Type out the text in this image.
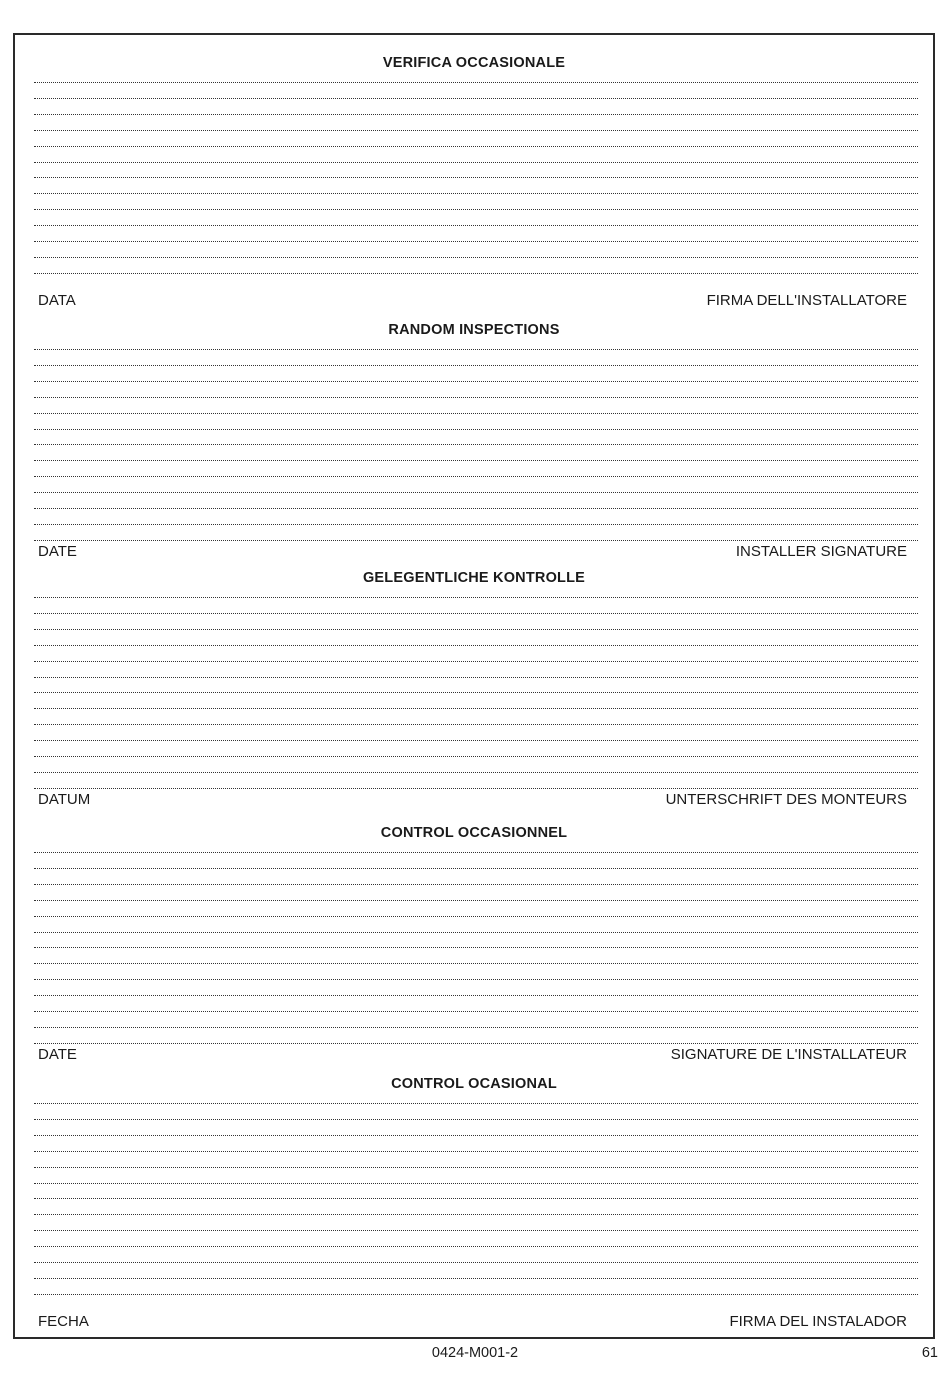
VERIFICA OCCASIONALE
DATA	FIRMA DELL'INSTALLATORE
RANDOM INSPECTIONS
DATE	INSTALLER SIGNATURE
GELEGENTLICHE KONTROLLE
DATUM	UNTERSCHRIFT DES MONTEURS
CONTROL OCCASIONNEL
DATE	SIGNATURE DE L'INSTALLATEUR
CONTROL OCASIONAL
FECHA	FIRMA DEL INSTALADOR
0424-M001-2	61
